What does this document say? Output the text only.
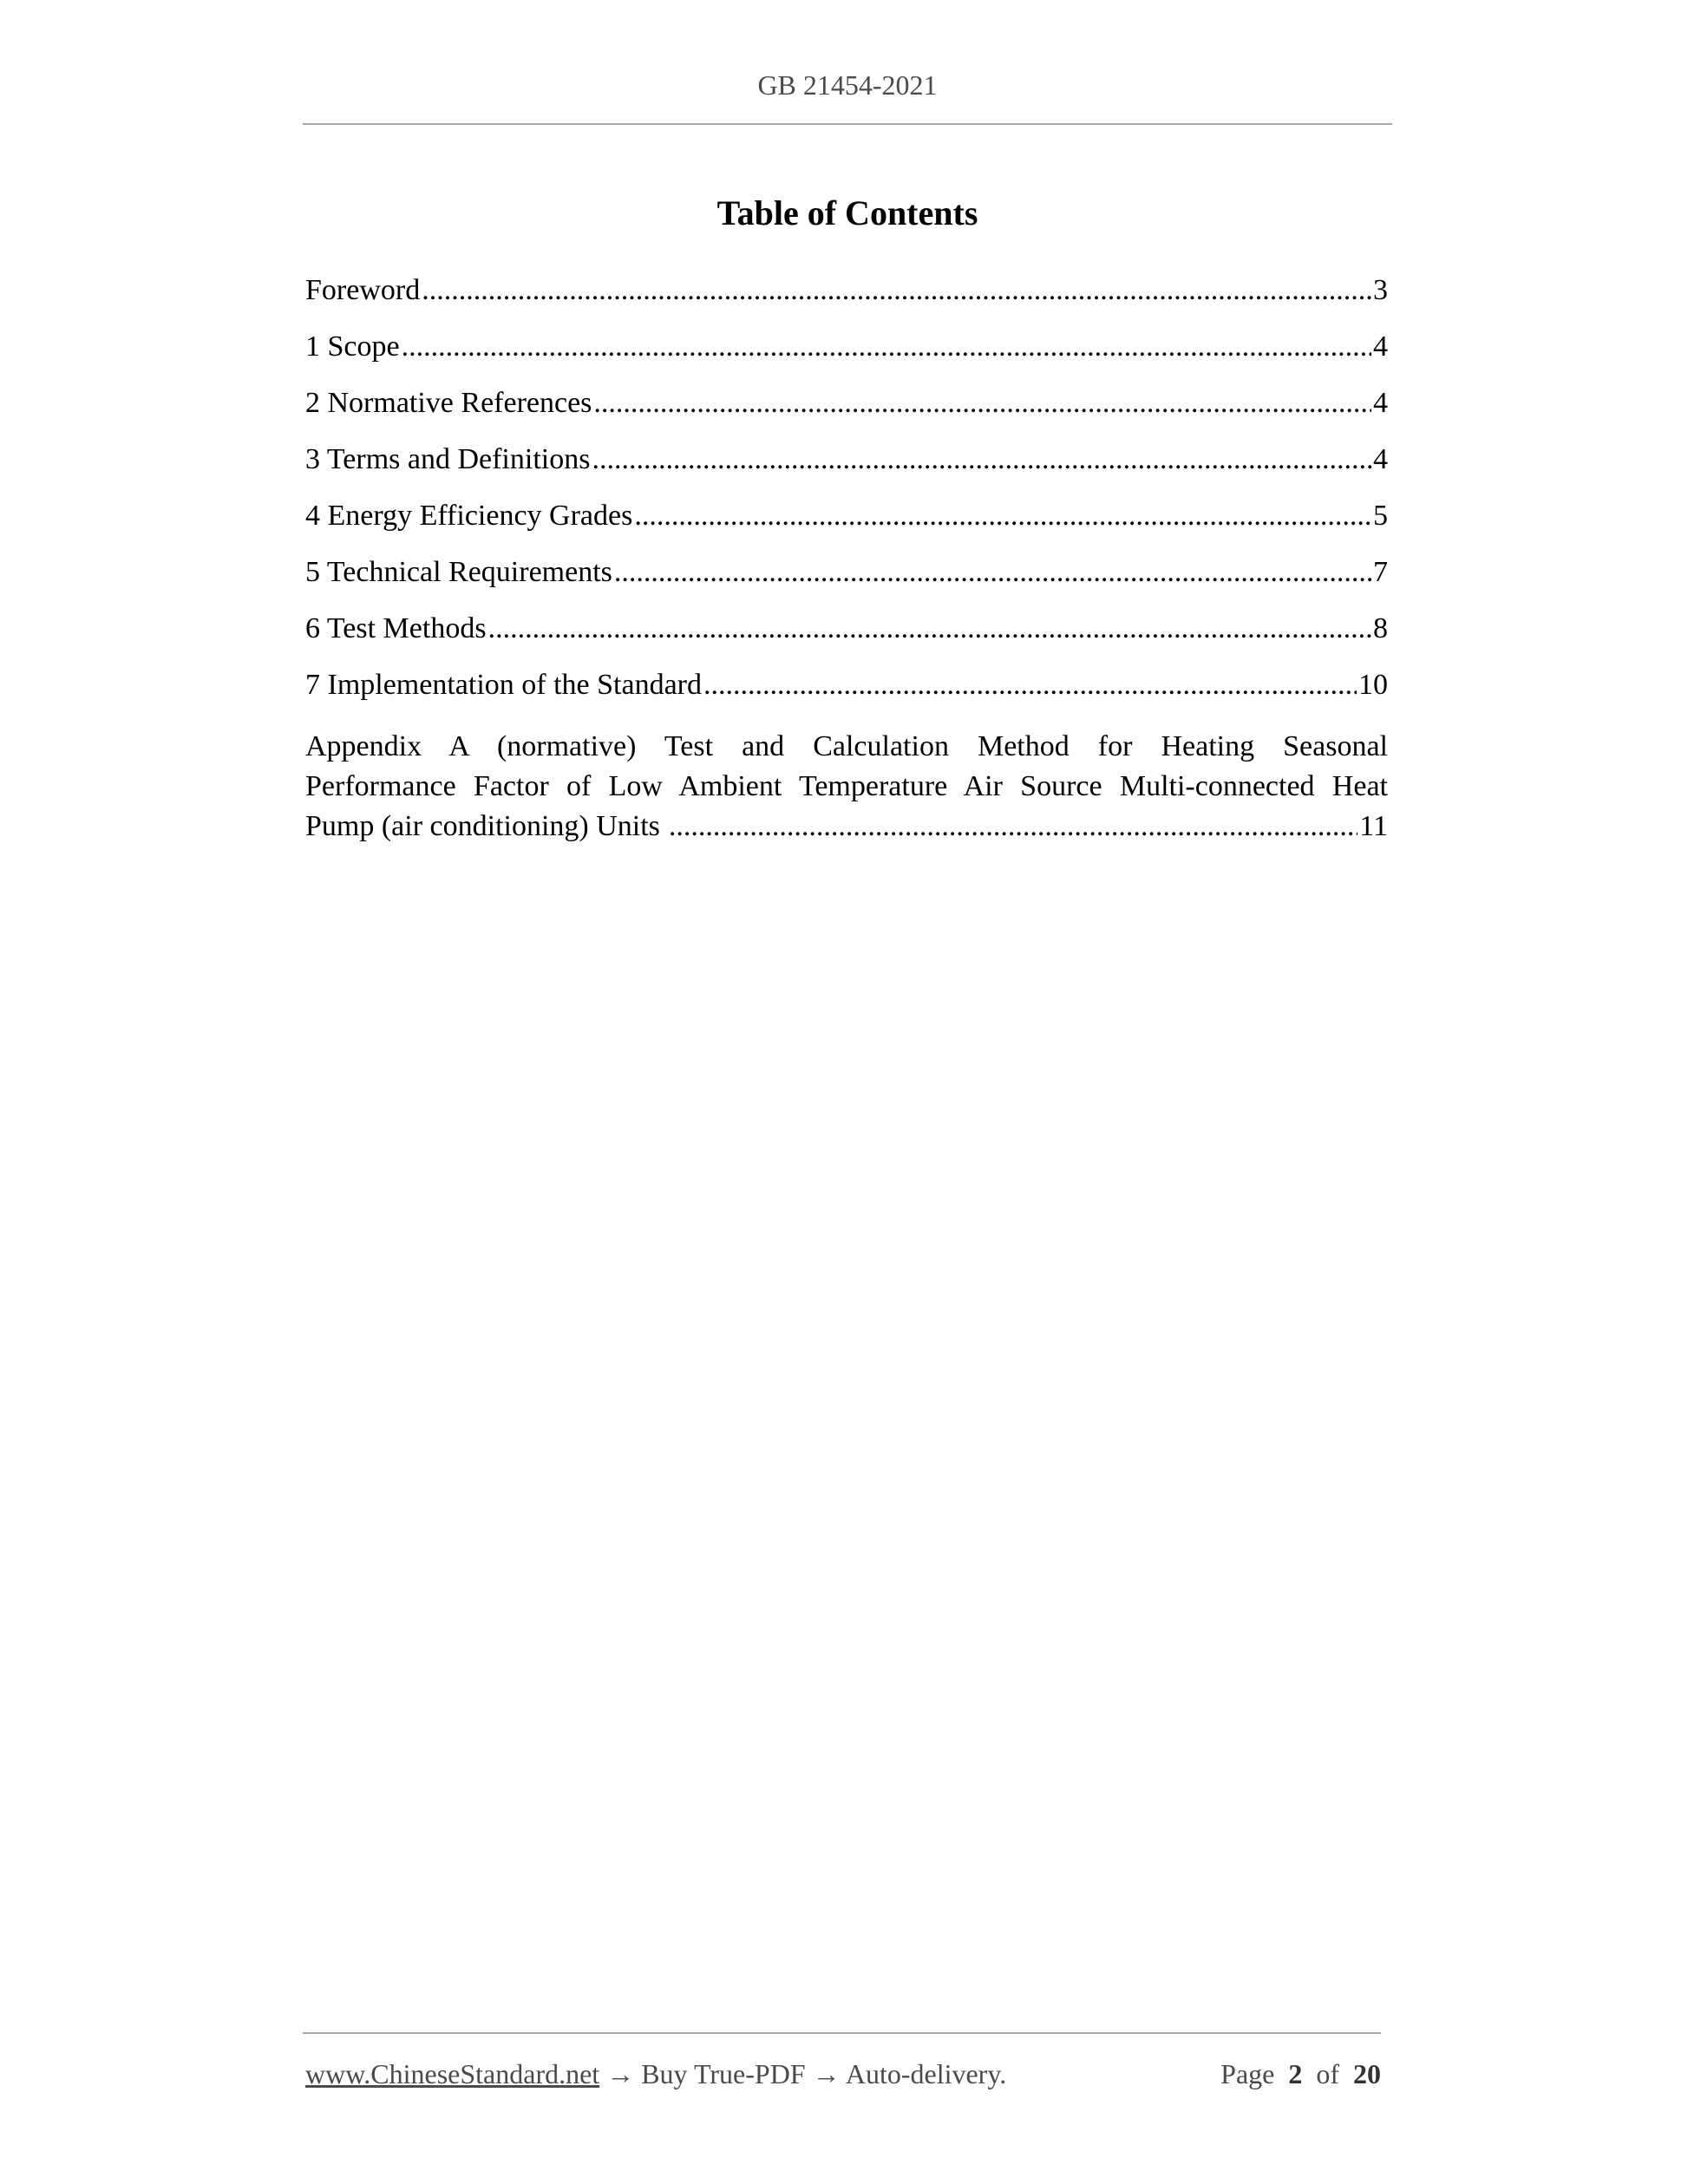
GB 21454-2021
Table of Contents
Foreword .....	3
1 Scope .....	4
2 Normative References .....	4
3 Terms and Definitions .....	4
4 Energy Efficiency Grades .....	5
5 Technical Requirements .....	7
6 Test Methods .....	8
7 Implementation of the Standard .....	10
Appendix A (normative) Test and Calculation Method for Heating Seasonal
Performance Factor of Low Ambient Temperature Air Source Multi-connected Heat
Pump (air conditioning) Units .....	11
www.ChineseStandard.net → Buy True-PDF → Auto-delivery.	Page 2 of 20
